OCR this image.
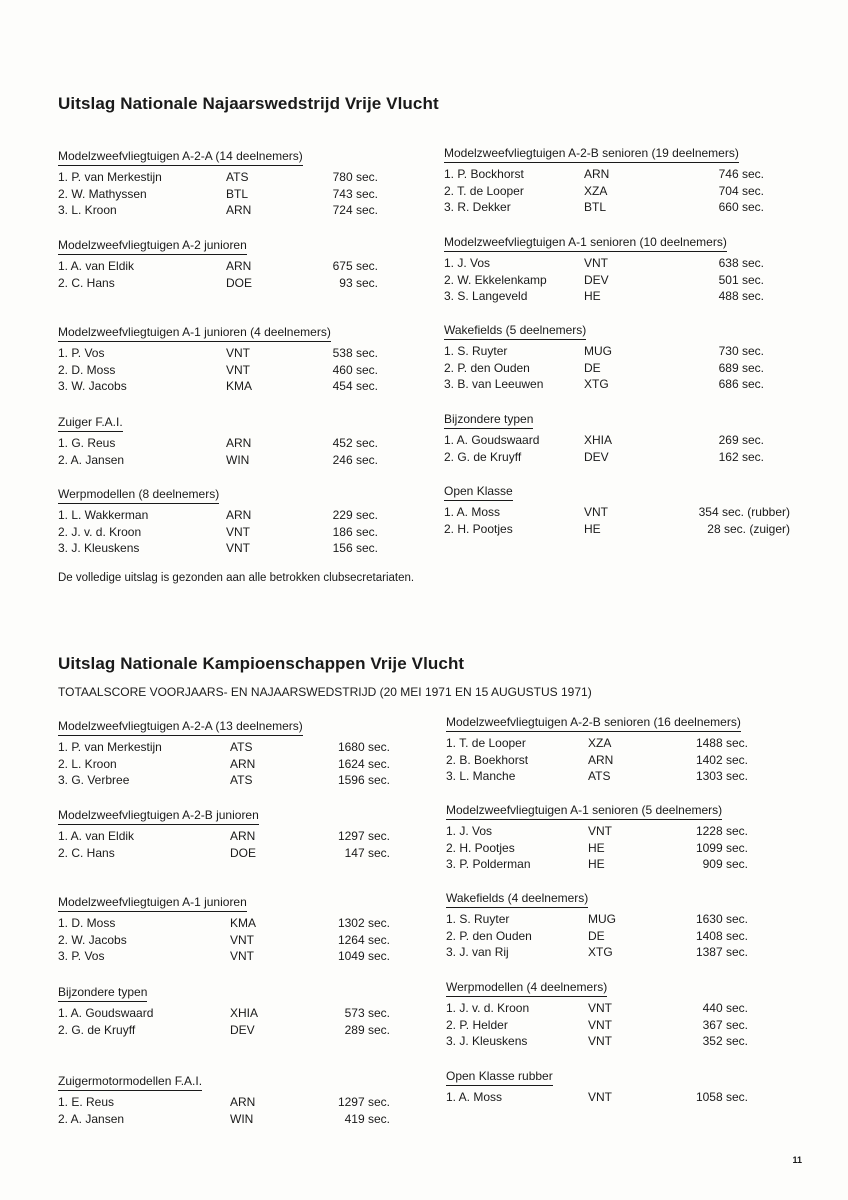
Uitslag Nationale Najaarswedstrijd Vrije Vlucht
Modelzweefvliegtuigen A-2-A (14 deelnemers)
1. P. van Merkestijn	ATS	780 sec.
2. W. Mathyssen	BTL	743 sec.
3. L. Kroon	ARN	724 sec.
Modelzweefvliegtuigen A-2 junioren
1. A. van Eldik	ARN	675 sec.
2. C. Hans	DOE	93 sec.
Modelzweefvliegtuigen A-1 junioren (4 deelnemers)
1. P. Vos	VNT	538 sec.
2. D. Moss	VNT	460 sec.
3. W. Jacobs	KMA	454 sec.
Zuiger F.A.I.
1. G. Reus	ARN	452 sec.
2. A. Jansen	WIN	246 sec.
Werpmodellen (8 deelnemers)
1. L. Wakkerman	ARN	229 sec.
2. J. v. d. Kroon	VNT	186 sec.
3. J. Kleuskens	VNT	156 sec.
Modelzweefvliegtuigen A-2-B senioren (19 deelnemers)
1. P. Bockhorst	ARN	746 sec.
2. T. de Looper	XZA	704 sec.
3. R. Dekker	BTL	660 sec.
Modelzweefvliegtuigen A-1 senioren (10 deelnemers)
1. J. Vos	VNT	638 sec.
2. W. Ekkelenkamp	DEV	501 sec.
3. S. Langeveld	HE	488 sec.
Wakefields (5 deelnemers)
1. S. Ruyter	MUG	730 sec.
2. P. den Ouden	DE	689 sec.
3. B. van Leeuwen	XTG	686 sec.
Bijzondere typen
1. A. Goudswaard	XHIA	269 sec.
2. G. de Kruyff	DEV	162 sec.
Open Klasse
1. A. Moss	VNT	354 sec. (rubber)
2. H. Pootjes	HE	28 sec. (zuiger)
De volledige uitslag is gezonden aan alle betrokken clubsecretariaten.
Uitslag Nationale Kampioenschappen Vrije Vlucht
TOTAALSCORE VOORJAARS- EN NAJAARSWEDSTRIJD (20 MEI 1971 EN 15 AUGUSTUS 1971)
Modelzweefvliegtuigen A-2-A (13 deelnemers)
1. P. van Merkestijn	ATS	1680 sec.
2. L. Kroon	ARN	1624 sec.
3. G. Verbree	ATS	1596 sec.
Modelzweefvliegtuigen A-2-B junioren
1. A. van Eldik	ARN	1297 sec.
2. C. Hans	DOE	147 sec.
Modelzweefvliegtuigen A-1 junioren
1. D. Moss	KMA	1302 sec.
2. W. Jacobs	VNT	1264 sec.
3. P. Vos	VNT	1049 sec.
Bijzondere typen
1. A. Goudswaard	XHIA	573 sec.
2. G. de Kruyff	DEV	289 sec.
Zuigermotormodellen F.A.I.
1. E. Reus	ARN	1297 sec.
2. A. Jansen	WIN	419 sec.
Modelzweefvliegtuigen A-2-B senioren (16 deelnemers)
1. T. de Looper	XZA	1488 sec.
2. B. Boekhorst	ARN	1402 sec.
3. L. Manche	ATS	1303 sec.
Modelzweefvliegtuigen A-1 senioren (5 deelnemers)
1. J. Vos	VNT	1228 sec.
2. H. Pootjes	HE	1099 sec.
3. P. Polderman	HE	909 sec.
Wakefields (4 deelnemers)
1. S. Ruyter	MUG	1630 sec.
2. P. den Ouden	DE	1408 sec.
3. J. van Rij	XTG	1387 sec.
Werpmodellen (4 deelnemers)
1. J. v. d. Kroon	VNT	440 sec.
2. P. Helder	VNT	367 sec.
3. J. Kleuskens	VNT	352 sec.
Open Klasse rubber
1. A. Moss	VNT	1058 sec.
11
